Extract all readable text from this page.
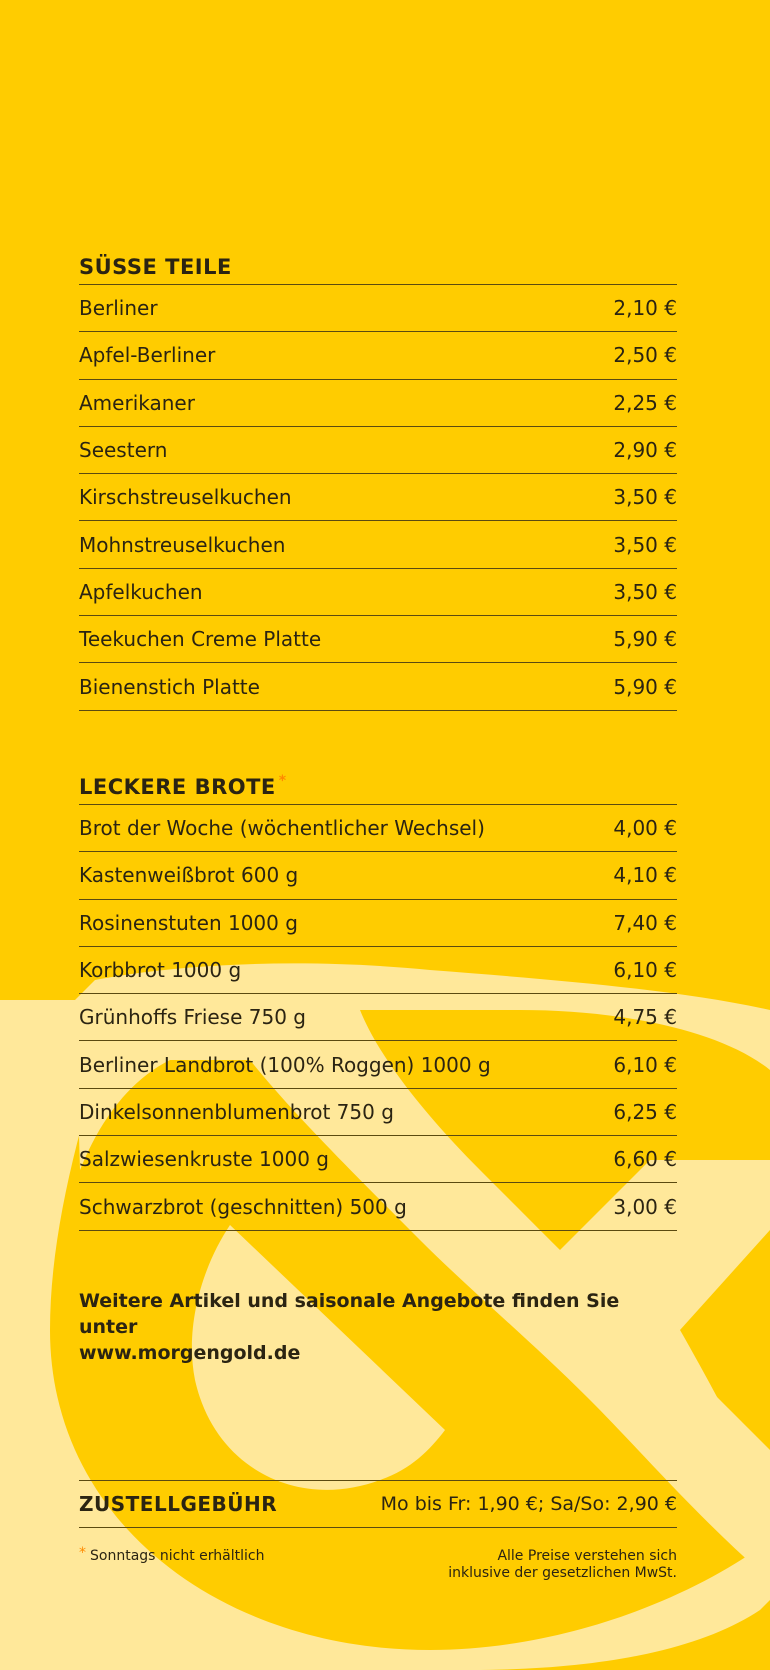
SÜSSE TEILE
Berliner	2,10 €
Apfel-Berliner	2,50 €
Amerikaner	2,25 €
Seestern	2,90 €
Kirschstreuselkuchen	3,50 €
Mohnstreuselkuchen	3,50 €
Apfelkuchen	3,50 €
Teekuchen Creme Platte	5,90 €
Bienenstich Platte	5,90 €
LECKERE BROTE *
Brot der Woche (wöchentlicher Wechsel)	4,00 €
Kastenweißbrot 600 g	4,10 €
Rosinenstuten 1000 g	7,40 €
Korbbrot 1000 g	6,10 €
Grünhoffs Friese 750 g	4,75 €
Berliner Landbrot (100% Roggen) 1000 g	6,10 €
Dinkelsonnenblumenbrot 750 g	6,25 €
Salzwiesenkruste 1000 g	6,60 €
Schwarzbrot (geschnitten) 500 g	3,00 €
Weitere Artikel und saisonale Angebote finden Sie unter
www.morgengold.de
ZUSTELLGEBÜHR	Mo bis Fr: 1,90 €; Sa/So: 2,90 €
* Sonntags nicht erhältlich	Alle Preise verstehen sich
inklusive der gesetzlichen MwSt.
